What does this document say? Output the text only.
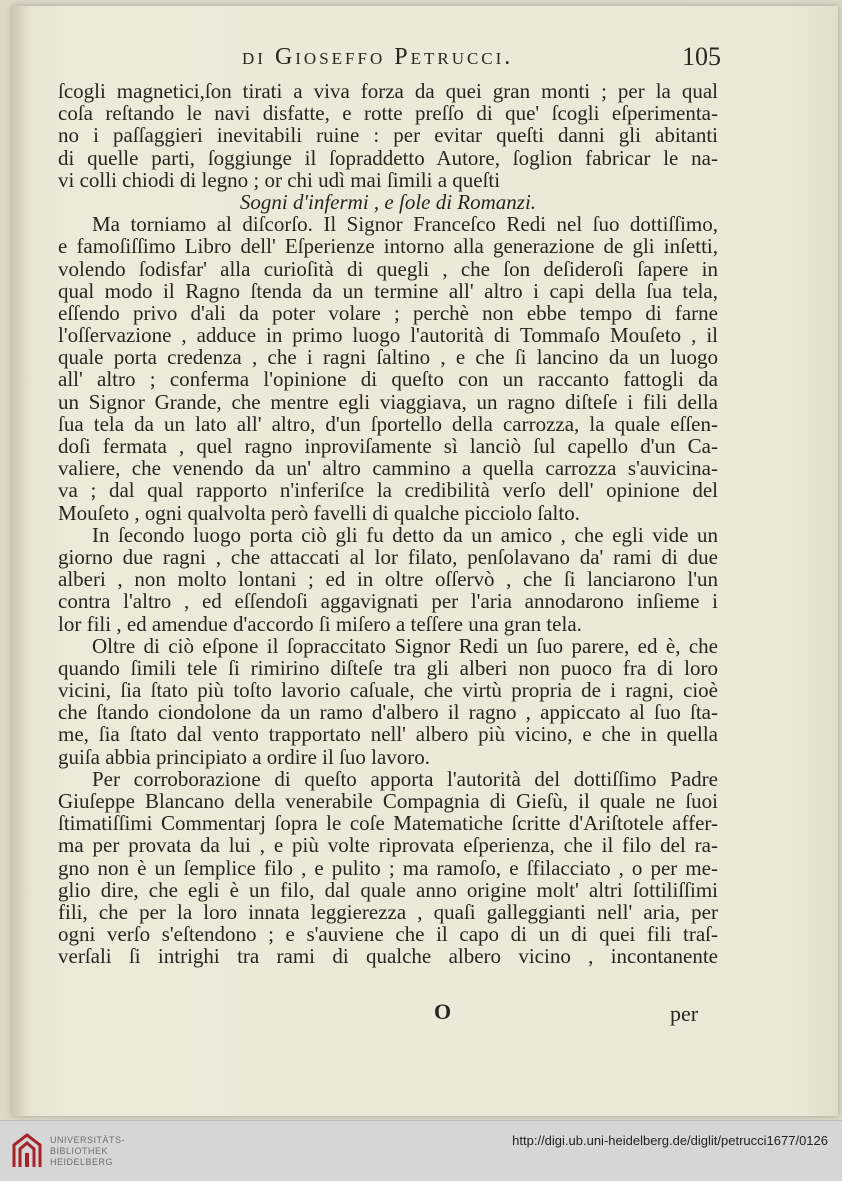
di Gioseffo Petrucci.	105
ſcogli magnetici,ſon tirati a viva forza da quei gran monti ; per la qual
coſa reſtando le navi disfatte, e rotte preſſo di que' ſcogli eſperimenta-
no i paſſaggieri inevitabili ruine : per evitar queſti danni gli abitanti
di quelle parti, ſoggiunge il ſopraddetto Autore, ſoglion fabricar le na-
vi colli chiodi di legno ; or chi udì mai ſimili a queſti
Sogni d'infermi , e ſole di Romanzi.
Ma torniamo al diſcorſo. Il Signor Franceſco Redi nel ſuo dottiſſimo,
e famoſiſſimo Libro dell' Eſperienze intorno alla generazione de gli inſetti,
volendo ſodisfar' alla curioſità di quegli , che ſon deſideroſi ſapere in
qual modo il Ragno ſtenda da un termine all' altro i capi della ſua tela,
eſſendo privo d'ali da poter volare ; perchè non ebbe tempo di farne
l'oſſervazione , adduce in primo luogo l'autorità di Tommaſo Mouſeto , il
quale porta credenza , che i ragni ſaltino , e che ſi lancino da un luogo
all' altro ; conferma l'opinione di queſto con un raccanto fattogli da
un Signor Grande, che mentre egli viaggiava, un ragno diſteſe i fili della
ſua tela da un lato all' altro, d'un ſportello della carrozza, la quale eſſen-
doſi fermata , quel ragno inproviſamente sì lanciò ſul capello d'un Ca-
valiere, che venendo da un' altro cammino a quella carrozza s'auvicina-
va ; dal qual rapporto n'inferiſce la credibilità verſo dell' opinione del
Mouſeto , ogni qualvolta però favelli di qualche picciolo ſalto.
In ſecondo luogo porta ciò gli fu detto da un amico , che egli vide un
giorno due ragni , che attaccati al lor filato, penſolavano da' rami di due
alberi , non molto lontani ; ed in oltre oſſervò , che ſi lanciarono l'un
contra l'altro , ed eſſendoſi aggavignati per l'aria annodarono inſieme i
lor fili , ed amendue d'accordo ſi miſero a teſſere una gran tela.
Oltre di ciò eſpone il ſopraccitato Signor Redi un ſuo parere, ed è, che
quando ſimili tele ſi rimirino diſteſe tra gli alberi non puoco fra di loro
vicini, ſia ſtato più toſto lavorio caſuale, che virtù propria de i ragni, cioè
che ſtando ciondolone da un ramo d'albero il ragno , appiccato al ſuo ſta-
me, ſia ſtato dal vento trapportato nell' albero più vicino, e che in quella
guiſa abbia principiato a ordire il ſuo lavoro.
Per corroborazione di queſto apporta l'autorità del dottiſſimo Padre
Giuſeppe Blancano della venerabile Compagnia di Gieſù, il quale ne ſuoi
ſtimatiſſimi Commentarj ſopra le coſe Matematiche ſcritte d'Ariſtotele affer-
ma per provata da lui , e più volte riprovata eſperienza, che il filo del ra-
gno non è un ſemplice filo , e pulito ; ma ramoſo, e ſfilacciato , o per me-
glio dire, che egli è un filo, dal quale anno origine molt' altri ſottiliſſimi
fili, che per la loro innata leggierezza , quaſi galleggianti nell' aria, per
ogni verſo s'eſtendono ; e s'auviene che il capo di un di quei fili traſ-
verſali ſi intrighi tra rami di qualche albero vicino , incontanente
O	per
UNIVERSITÄTS-
BIBLIOTHEK
HEIDELBERG
http://digi.ub.uni-heidelberg.de/diglit/petrucci1677/0126
